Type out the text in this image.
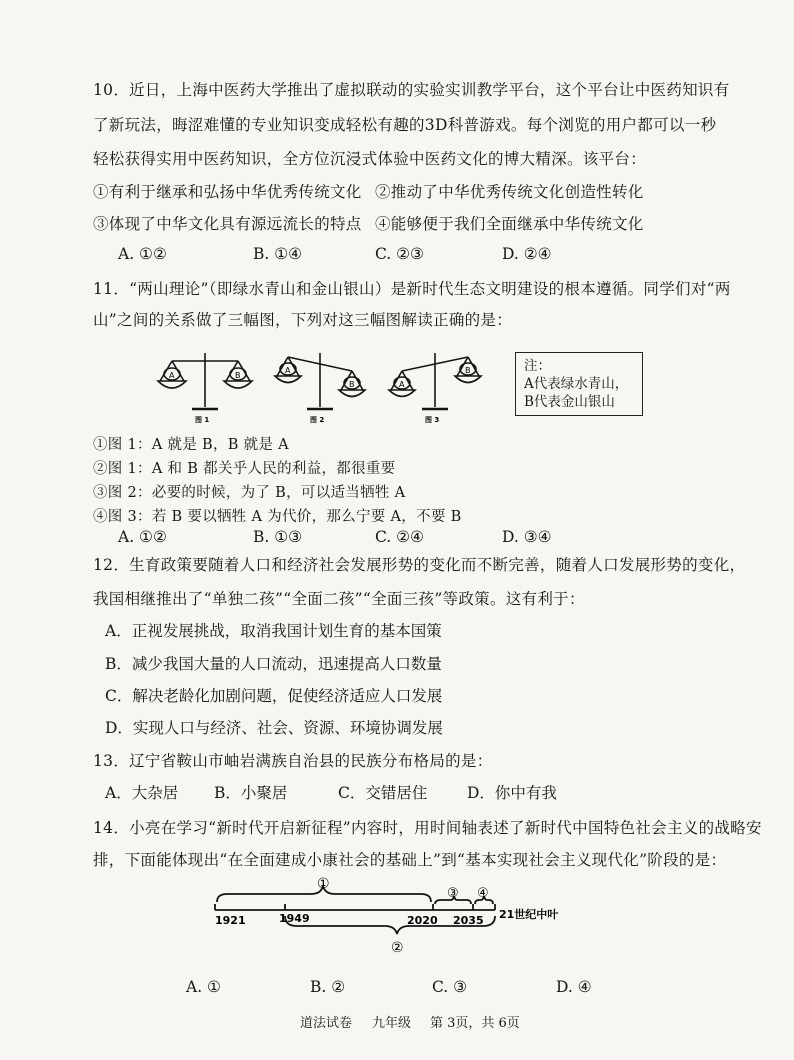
10．近日，上海中医药大学推出了虚拟联动的实验实训教学平台，这个平台让中医药知识有
了新玩法，晦涩难懂的专业知识变成轻松有趣的3D科普游戏。每个浏览的用户都可以一秒
轻松获得实用中医药知识，全方位沉浸式体验中医药文化的博大精深。该平台：
①有利于继承和弘扬中华优秀传统文化 ②推动了中华优秀传统文化创造性转化
③体现了中华文化具有源远流长的特点 ④能够便于我们全面继承中华传统文化
A. ①②	B. ①④	C. ②③	D. ②④
11．“两山理论”（即绿水青山和金山银山）是新时代生态文明建设的根本遵循。同学们对“两
山”之间的关系做了三幅图，下列对这三幅图解读正确的是：
A	B
图 1
A
B
图 2
A
B
图 3
注：
A代表绿水青山，
B代表金山银山
①图 1：A 就是 B，B 就是 A
②图 1：A 和 B 都关乎人民的利益，都很重要
③图 2：必要的时候，为了 B，可以适当牺牲 A
④图 3：若 B 要以牺牲 A 为代价，那么宁要 A，不要 B
A. ①②	B. ①③	C. ②④	D. ③④
12．生育政策要随着人口和经济社会发展形势的变化而不断完善，随着人口发展形势的变化，
我国相继推出了“单独二孩”“全面二孩”“全面三孩”等政策。这有利于：
A．正视发展挑战，取消我国计划生育的基本国策
B．减少我国大量的人口流动，迅速提高人口数量
C．解决老龄化加剧问题，促使经济适应人口发展
D．实现人口与经济、社会、资源、环境协调发展
13．辽宁省鞍山市岫岩满族自治县的民族分布格局的是：
A．大杂居 B．小聚居	C．交错居住	D．你中有我
14．小亮在学习“新时代开启新征程”内容时，用时间轴表述了新时代中国特色社会主义的战略安
排，下面能体现出“在全面建成小康社会的基础上”到“基本实现社会主义现代化”阶段的是：
1921	1949	2020 2035 21世纪中叶
①
②
③ ④
A. ①	B. ②	C. ③	D. ④
道法试卷 九年级 第 3页，共 6页
